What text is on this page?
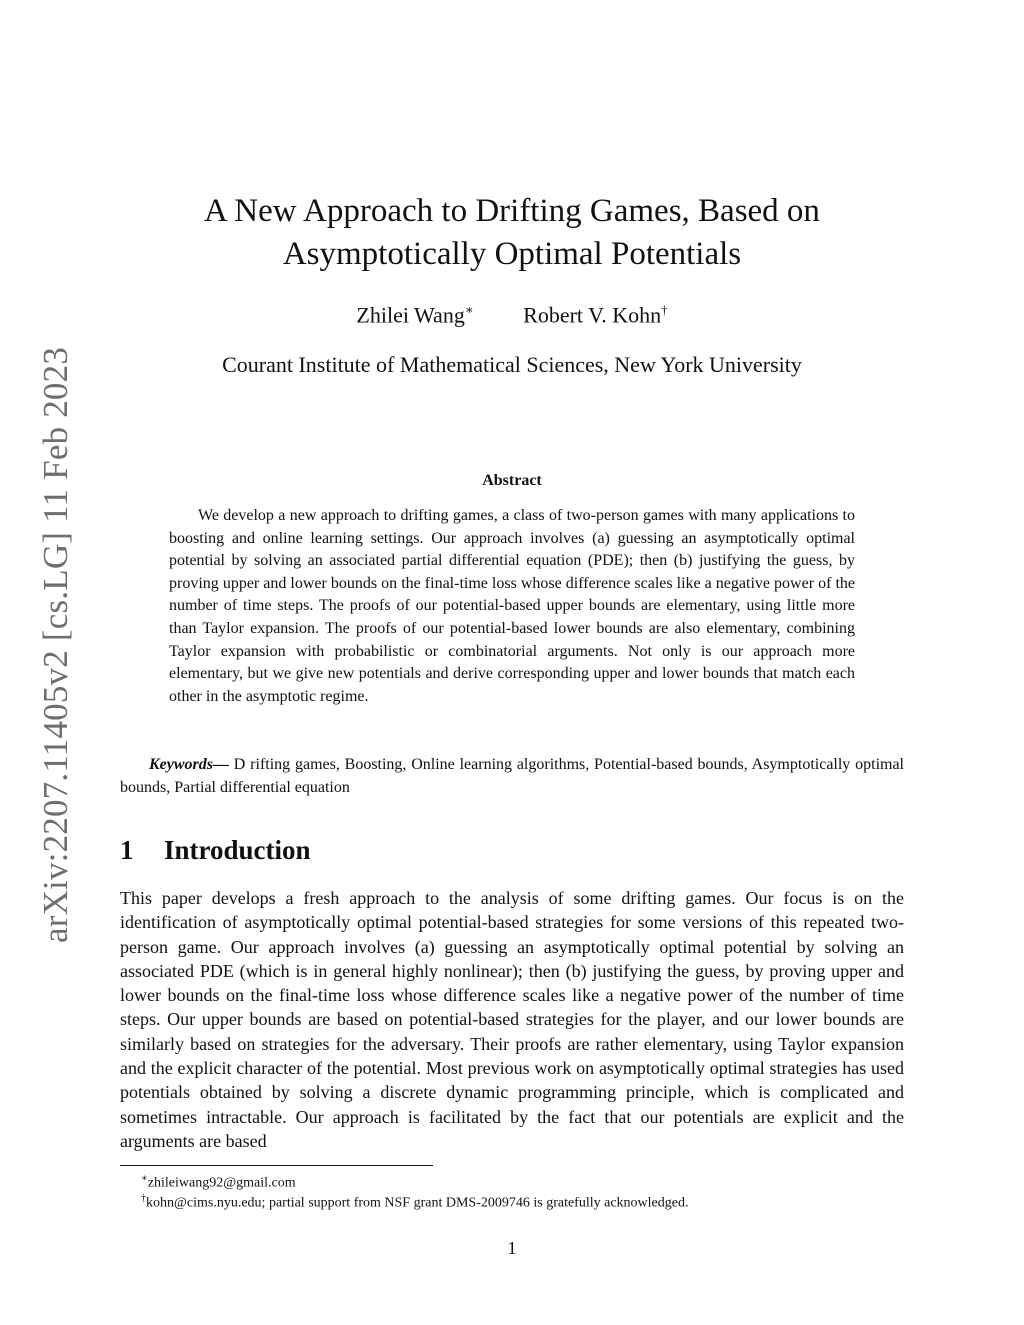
arXiv:2207.11405v2 [cs.LG] 11 Feb 2023
A New Approach to Drifting Games, Based on
Asymptotically Optimal Potentials
Zhilei Wang∗ Robert V. Kohn†
Courant Institute of Mathematical Sciences, New York University
Abstract
We develop a new approach to drifting games, a class of two-person games with many applications to boosting and online learning settings. Our approach involves (a) guessing an asymptotically optimal potential by solving an associated partial differential equation (PDE); then (b) justifying the guess, by proving upper and lower bounds on the final-time loss whose difference scales like a negative power of the number of time steps. The proofs of our potential-based upper bounds are elementary, using little more than Taylor expansion. The proofs of our potential-based lower bounds are also elementary, combining Taylor expansion with probabilistic or combinatorial arguments. Not only is our approach more elementary, but we give new potentials and derive corresponding upper and lower bounds that match each other in the asymptotic regime.
Keywords— D rifting games, Boosting, Online learning algorithms, Potential-based bounds, Asymptotically optimal bounds, Partial differential equation
1 Introduction
This paper develops a fresh approach to the analysis of some drifting games. Our focus is on the identification of asymptotically optimal potential-based strategies for some versions of this repeated two-person game. Our approach involves (a) guessing an asymptotically optimal potential by solving an associated PDE (which is in general highly nonlinear); then (b) justifying the guess, by proving upper and lower bounds on the final-time loss whose difference scales like a negative power of the number of time steps. Our upper bounds are based on potential-based strategies for the player, and our lower bounds are similarly based on strategies for the adversary. Their proofs are rather elementary, using Taylor expansion and the explicit character of the potential. Most previous work on asymptotically optimal strategies has used potentials obtained by solving a discrete dynamic programming principle, which is complicated and sometimes intractable. Our approach is facilitated by the fact that our potentials are explicit and the arguments are based
∗zhileiwang92@gmail.com
†kohn@cims.nyu.edu; partial support from NSF grant DMS-2009746 is gratefully acknowledged.
1
